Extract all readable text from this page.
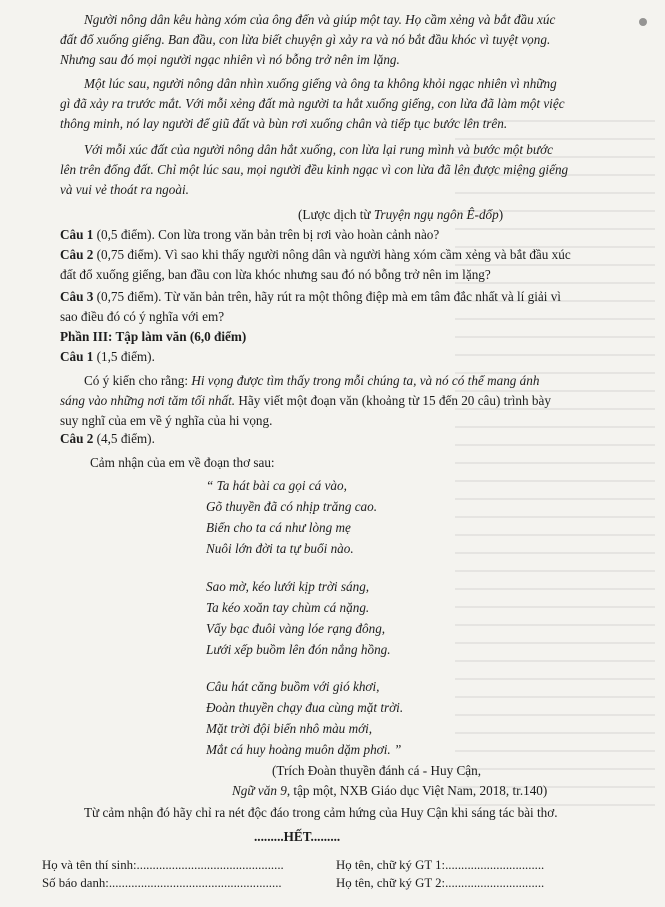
Người nông dân kêu hàng xóm của ông đến và giúp một tay. Họ cầm xẻng và bắt đầu xúc
đất đổ xuống giếng. Ban đầu, con lừa biết chuyện gì xảy ra và nó bắt đầu khóc vì tuyệt vọng.
Nhưng sau đó mọi người ngạc nhiên vì nó bỗng trở nên im lặng.
Một lúc sau, người nông dân nhìn xuống giếng và ông ta không khỏi ngạc nhiên vì những
gì đã xảy ra trước mắt. Với mỗi xẻng đất mà người ta hắt xuống giếng, con lừa đã làm một việc
thông minh, nó lay người để giũ đất và bùn rơi xuống chân và tiếp tục bước lên trên.
Với mỗi xúc đất của người nông dân hắt xuống, con lừa lại rung mình và bước một bước
lên trên đống đất. Chỉ một lúc sau, mọi người đều kinh ngạc vì con lừa đã lên được miệng giếng
và vui vẻ thoát ra ngoài.
(Lược dịch từ Truyện ngụ ngôn Ê-dốp)
Câu 1 (0,5 điểm). Con lừa trong văn bản trên bị rơi vào hoàn cảnh nào?
Câu 2 (0,75 điểm). Vì sao khi thấy người nông dân và người hàng xóm cầm xẻng và bắt đầu xúc
đất đổ xuống giếng, ban đầu con lừa khóc nhưng sau đó nó bỗng trở nên im lặng?
Câu 3 (0,75 điểm). Từ văn bản trên, hãy rút ra một thông điệp mà em tâm đắc nhất và lí giải vì
sao điều đó có ý nghĩa với em?
Phần III: Tập làm văn (6,0 điểm)
Câu 1 (1,5 điểm).
Có ý kiến cho rằng: Hi vọng được tìm thấy trong mỗi chúng ta, và nó có thể mang ánh
sáng vào những nơi tăm tối nhất. Hãy viết một đoạn văn (khoảng từ 15 đến 20 câu) trình bày
suy nghĩ của em về ý nghĩa của hi vọng.
Câu 2 (4,5 điểm).
Cảm nhận của em về đoạn thơ sau:
“ Ta hát bài ca gọi cá vào,
Gõ thuyền đã có nhịp trăng cao.
Biển cho ta cá như lòng mẹ
Nuôi lớn đời ta tự buổi nào.
Sao mờ, kéo lưới kịp trời sáng,
Ta kéo xoăn tay chùm cá nặng.
Vẩy bạc đuôi vàng lóe rạng đông,
Lưới xếp buồm lên đón nắng hồng.
Câu hát căng buồm với gió khơi,
Đoàn thuyền chạy đua cùng mặt trời.
Mặt trời đội biển nhô màu mới,
Mắt cá huy hoàng muôn dặm phơi. ”
(Trích Đoàn thuyền đánh cá - Huy Cận,
Ngữ văn 9, tập một, NXB Giáo dục Việt Nam, 2018, tr.140)
Từ cảm nhận đó hãy chỉ ra nét độc đáo trong cảm hứng của Huy Cận khi sáng tác bài thơ.
.........HẾT.........
Họ và tên thí sinh:..............................................	Họ tên, chữ ký GT 1:...............................
Số báo danh:......................................................	Họ tên, chữ ký GT 2:...............................
